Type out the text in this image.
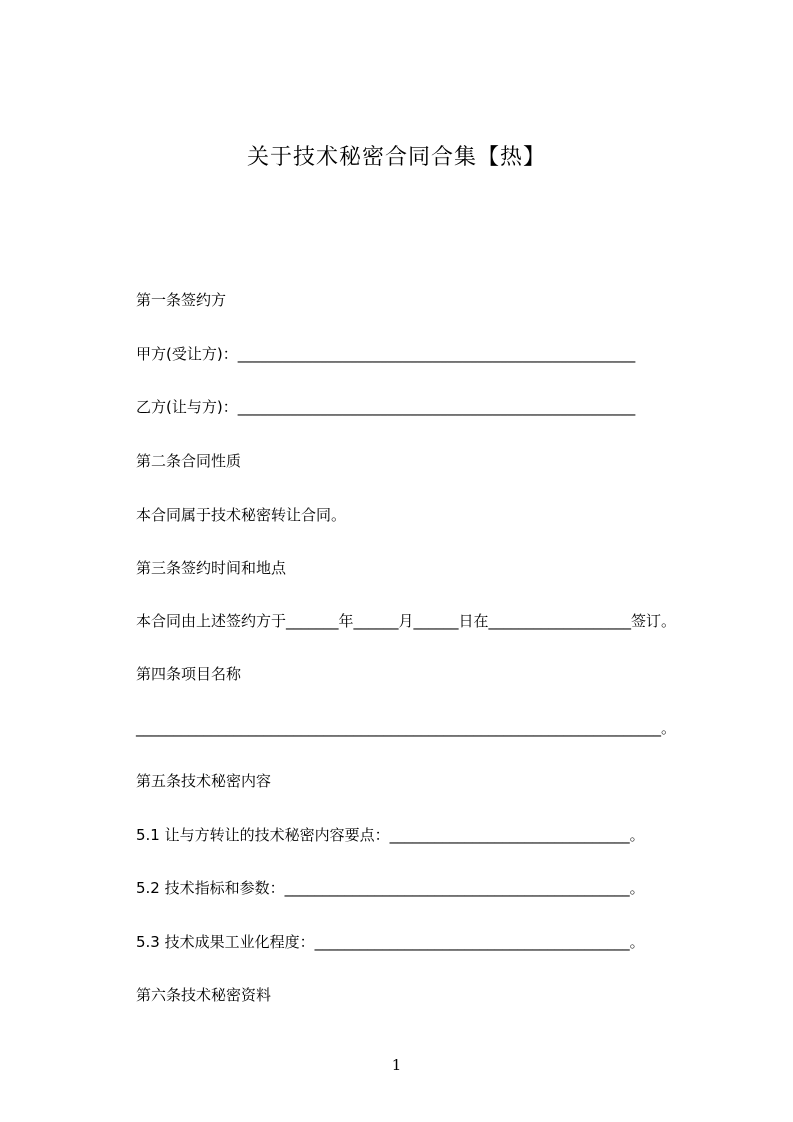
关于技术秘密合同合集【热】
第一条签约方
甲方(受让方)：_____________________________________________________
乙方(让与方)：_____________________________________________________
第二条合同性质
本合同属于技术秘密转让合同。
第三条签约时间和地点
本合同由上述签约方于_______年______月______日在___________________签订。
第四条项目名称
______________________________________________________________________。
第五条技术秘密内容
5.1 让与方转让的技术秘密内容要点：________________________________。
5.2 技术指标和参数：______________________________________________。
5.3 技术成果工业化程度：__________________________________________。
第六条技术秘密资料
1
